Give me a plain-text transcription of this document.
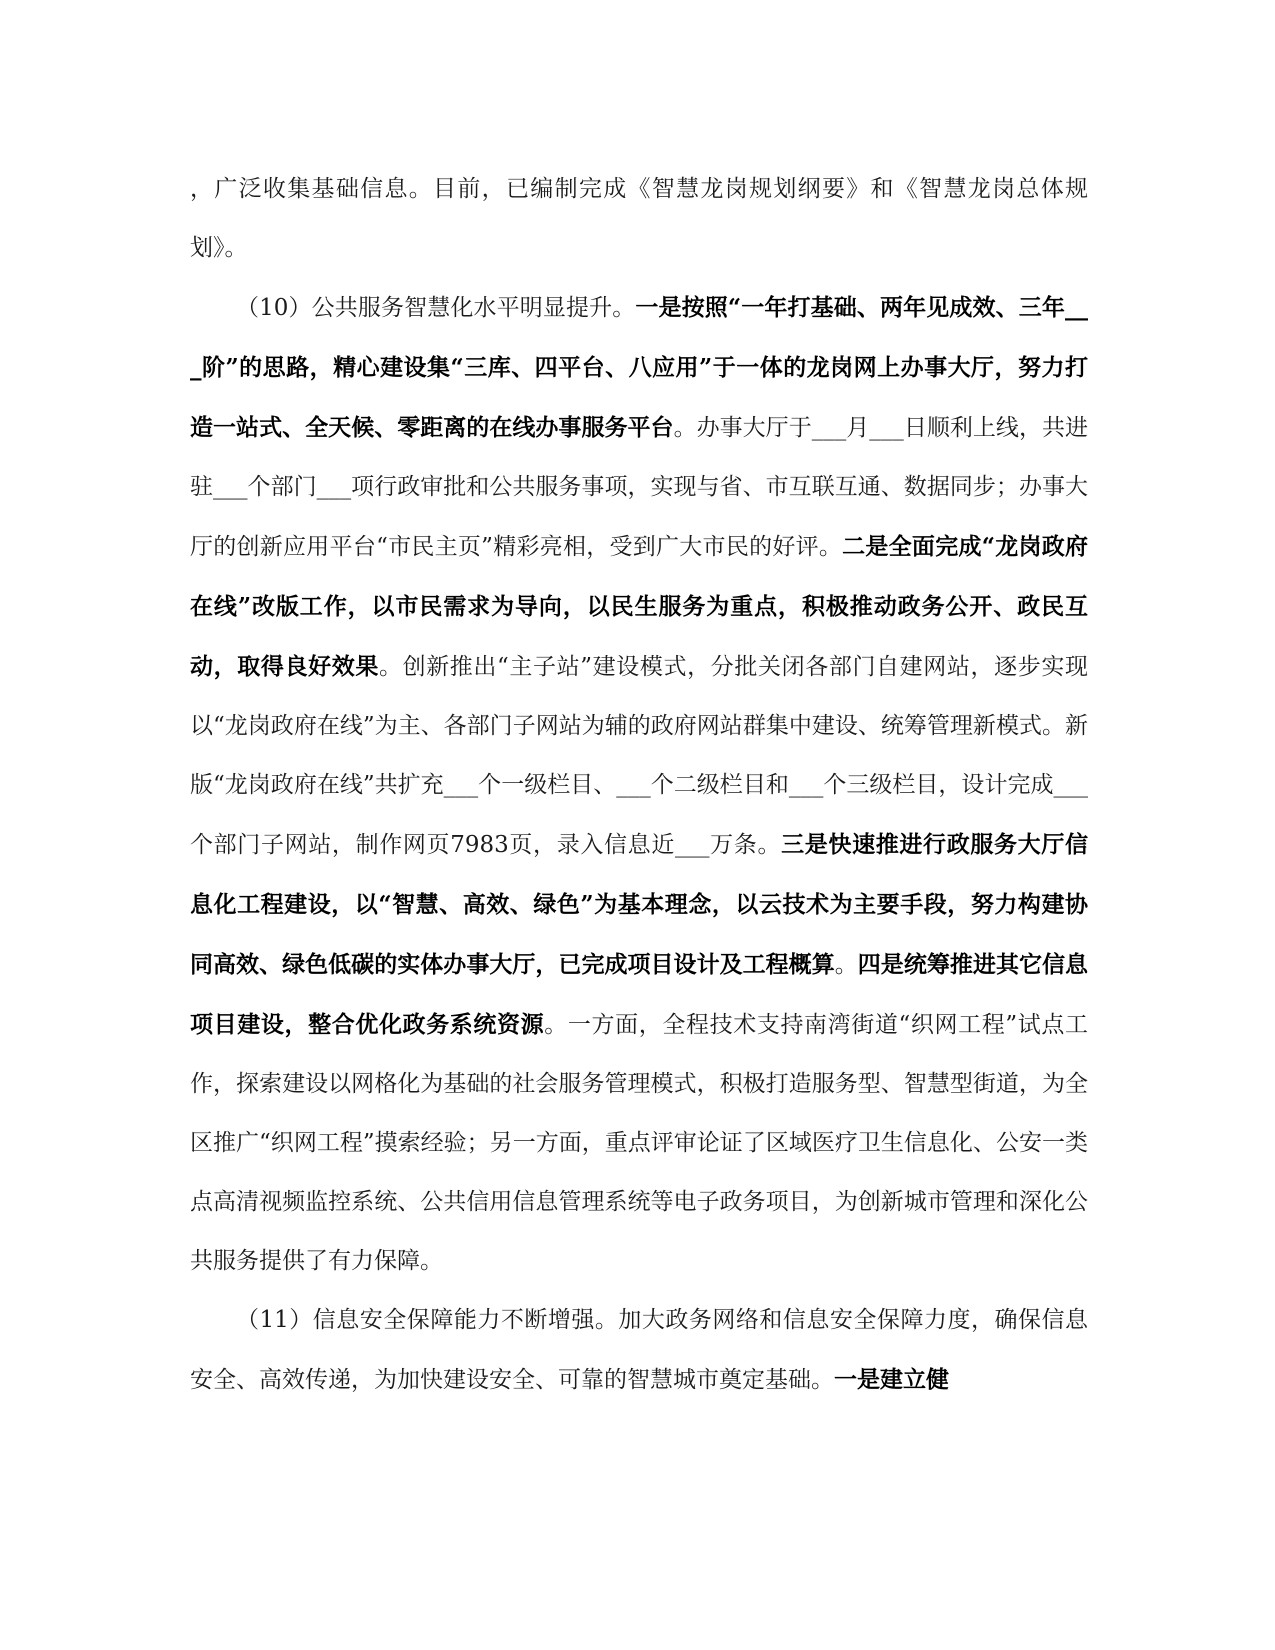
，广泛收集基础信息。目前，已编制完成《智慧龙岗规划纲要》和《智慧龙岗总体规划》。

（10）公共服务智慧化水平明显提升。一是按照“一年打基础、两年见成效、三年___阶”的思路，精心建设集“三库、四平台、八应用”于一体的龙岗网上办事大厅，努力打造一站式、全天候、零距离的在线办事服务平台。办事大厅于___月___日顺利上线，共进驻___个部门___项行政审批和公共服务事项，实现与省、市互联互通、数据同步；办事大厅的创新应用平台“市民主页”精彩亮相，受到广大市民的好评。二是全面完成“龙岗政府在线”改版工作，以市民需求为导向，以民生服务为重点，积极推动政务公开、政民互动，取得良好效果。创新推出“主子站”建设模式，分批关闭各部门自建网站，逐步实现以“龙岗政府在线”为主、各部门子网站为辅的政府网站群集中建设、统筹管理新模式。新版“龙岗政府在线”共扩充___个一级栏目、___个二级栏目和___个三级栏目，设计完成___个部门子网站，制作网页7983页，录入信息近___万条。三是快速推进行政服务大厅信息化工程建设，以“智慧、高效、绿色”为基本理念，以云技术为主要手段，努力构建协同高效、绿色低碳的实体办事大厅，已完成项目设计及工程概算。四是统筹推进其它信息项目建设，整合优化政务系统资源。一方面，全程技术支持南湾街道“织网工程”试点工作，探索建设以网格化为基础的社会服务管理模式，积极打造服务型、智慧型街道，为全区推广“织网工程”摸索经验；另一方面，重点评审论证了区域医疗卫生信息化、公安一类点高清视频监控系统、公共信用信息管理系统等电子政务项目，为创新城市管理和深化公共服务提供了有力保障。

（11）信息安全保障能力不断增强。加大政务网络和信息安全保障力度，确保信息安全、高效传递，为加快建设安全、可靠的智慧城市奠定基础。一是建立健
